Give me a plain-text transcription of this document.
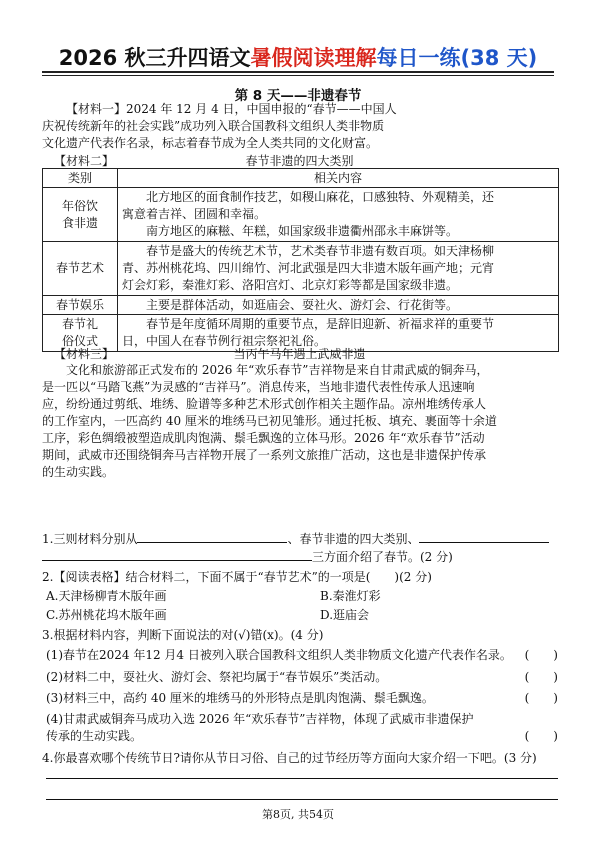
2026 秋三升四语文暑假阅读理解每日一练(38 天)
第 8 天——非遗春节
【材料一】2024 年 12 月 4 日，中国申报的“春节——中国人
庆祝传统新年的社会实践”成功列入联合国教科文组织人类非物质
文化遗产代表作名录，标志着春节成为全人类共同的文化财富。
【材料二】	春节非遗的四大类别
类别	相关内容

年俗饮
食非遗	北方地区的面食制作技艺，如稷山麻花，口感独特、外观精美，还
寓意着吉祥、团圆和幸福。
南方地区的麻糍、年糕，如国家级非遗衢州邵永丰麻饼等。

春节艺术	春节是盛大的传统艺术节，艺术类春节非遗有数百项。如天津杨柳
青、苏州桃花坞、四川绵竹、河北武强是四大非遗木版年画产地；元宵
灯会灯彩，秦淮灯彩、洛阳宫灯、北京灯彩等都是国家级非遗。

春节娱乐	主要是群体活动，如逛庙会、耍社火、游灯会、行花街等。

春节礼
俗仪式	春节是年度循环周期的重要节点，是辞旧迎新、祈福求祥的重要节
日，中国人在春节例行祖宗祭祀礼俗。
【材料三】	当丙午马年遇上武威非遗
文化和旅游部正式发布的 2026 年“欢乐春节”吉祥物是来自甘肃武威的铜奔马，
是一匹以“马踏飞燕”为灵感的“吉祥马”。消息传来，当地非遗代表性传承人迅速响
应，纷纷通过剪纸、堆绣、脸谱等多种艺术形式创作相关主题作品。凉州堆绣传承人
的工作室内，一匹高约 40 厘米的堆绣马已初见雏形。通过托板、填充、裹面等十余道
工序，彩色绸缎被塑造成肌肉饱满、鬃毛飘逸的立体马形。2026 年“欢乐春节”活动
期间，武威市还围绕铜奔马吉祥物开展了一系列文旅推广活动，这也是非遗保护传承
的生动实践。
1.三则材料分别从	、春节非遗的四大类别、
三方面介绍了春节。(2 分)
2.【阅读表格】结合材料二，下面不属于“春节艺术”的一项是(　　)(2 分)
A.天津杨柳青木版年画	B.秦淮灯彩
C.苏州桃花坞木版年画	D.逛庙会
3.根据材料内容，判断下面说法的对(√)错(x)。(4 分)
(1)春节在2024 年12 月4 日被列入联合国教科文组织人类非物质文化遗产代表作名录。 (　　)
(2)材料二中，耍社火、游灯会、祭祀均属于“春节娱乐”类活动。	(　　)
(3)材料三中，高约 40 厘米的堆绣马的外形特点是肌肉饱满、鬃毛飘逸。	(　　)
(4)甘肃武威铜奔马成功入选 2026 年“欢乐春节”吉祥物，体现了武威市非遗保护
传承的生动实践。	(　　)
4.你最喜欢哪个传统节日?请你从节日习俗、自己的过节经历等方面向大家介绍一下吧。(3 分)
第8页, 共54页
